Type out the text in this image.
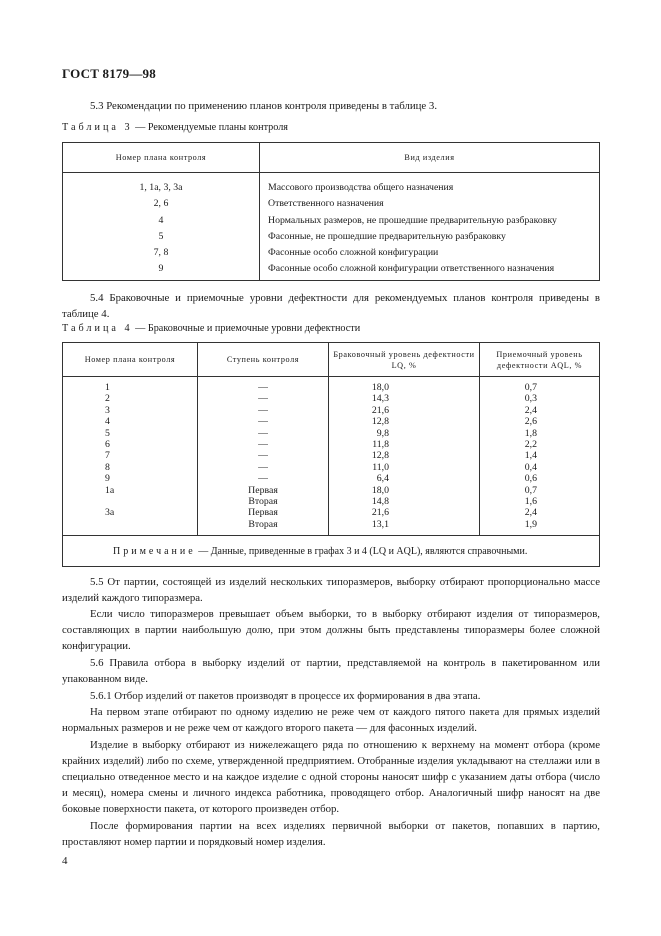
ГОСТ 8179—98

5.3 Рекомендации по применению планов контроля приведены в таблице 3.

Таблица 3 — Рекомендуемые планы контроля

Номер плана контроля	Вид изделия
1, 1а, 3, 3а	Массового производства общего назначения
2, 6	Ответственного назначения
4	Нормальных размеров, не прошедшие предварительную разбраковку
5	Фасонные, не прошедшие предварительную разбраковку
7, 8	Фасонные особо сложной конфигурации
9	Фасонные особо сложной конфигурации ответственного назначения

5.4 Браковочные и приемочные уровни дефектности для рекомендуемых планов контроля приведены в таблице 4.

Таблица 4 — Браковочные и приемочные уровни дефектности

Номер плана контроля	Ступень контроля	Браковочный уровень дефектности LQ, %	Приемочный уровень дефектности AQL, %
1	—	18,0	0,7
2	—	14,3	0,3
3	—	21,6	2,4
4	—	12,8	2,6
5	—	9,8	1,8
6	—	11,8	2,2
7	—	12,8	1,4
8	—	11,0	0,4
9	—	6,4	0,6
1а	Первая	18,0	0,7
	Вторая	14,8	1,6
3а	Первая	21,6	2,4
	Вторая	13,1	1,9
Примечание — Данные, приведенные в графах 3 и 4 (LQ и AQL), являются справочными.			

5.5 От партии, состоящей из изделий нескольких типоразмеров, выборку отбирают пропорционально массе изделий каждого типоразмера.

Если число типоразмеров превышает объем выборки, то в выборку отбирают изделия от типоразмеров, составляющих в партии наибольшую долю, при этом должны быть представлены типоразмеры более сложной конфигурации.

5.6 Правила отбора в выборку изделий от партии, представляемой на контроль в пакетированном или упакованном виде.

5.6.1 Отбор изделий от пакетов производят в процессе их формирования в два этапа.

На первом этапе отбирают по одному изделию не реже чем от каждого пятого пакета для прямых изделий нормальных размеров и не реже чем от каждого второго пакета — для фасонных изделий.

Изделие в выборку отбирают из нижележащего ряда по отношению к верхнему на момент отбора (кроме крайних изделий) либо по схеме, утвержденной предприятием. Отобранные изделия укладывают на стеллажи или в специально отведенное место и на каждое изделие с одной стороны наносят шифр с указанием даты отбора (число и месяц), номера смены и личного индекса работника, проводящего отбор. Аналогичный шифр наносят на две боковые поверхности пакета, от которого произведен отбор.

После формирования партии на всех изделиях первичной выборки от пакетов, попавших в партию, проставляют номер партии и порядковый номер изделия.

4
